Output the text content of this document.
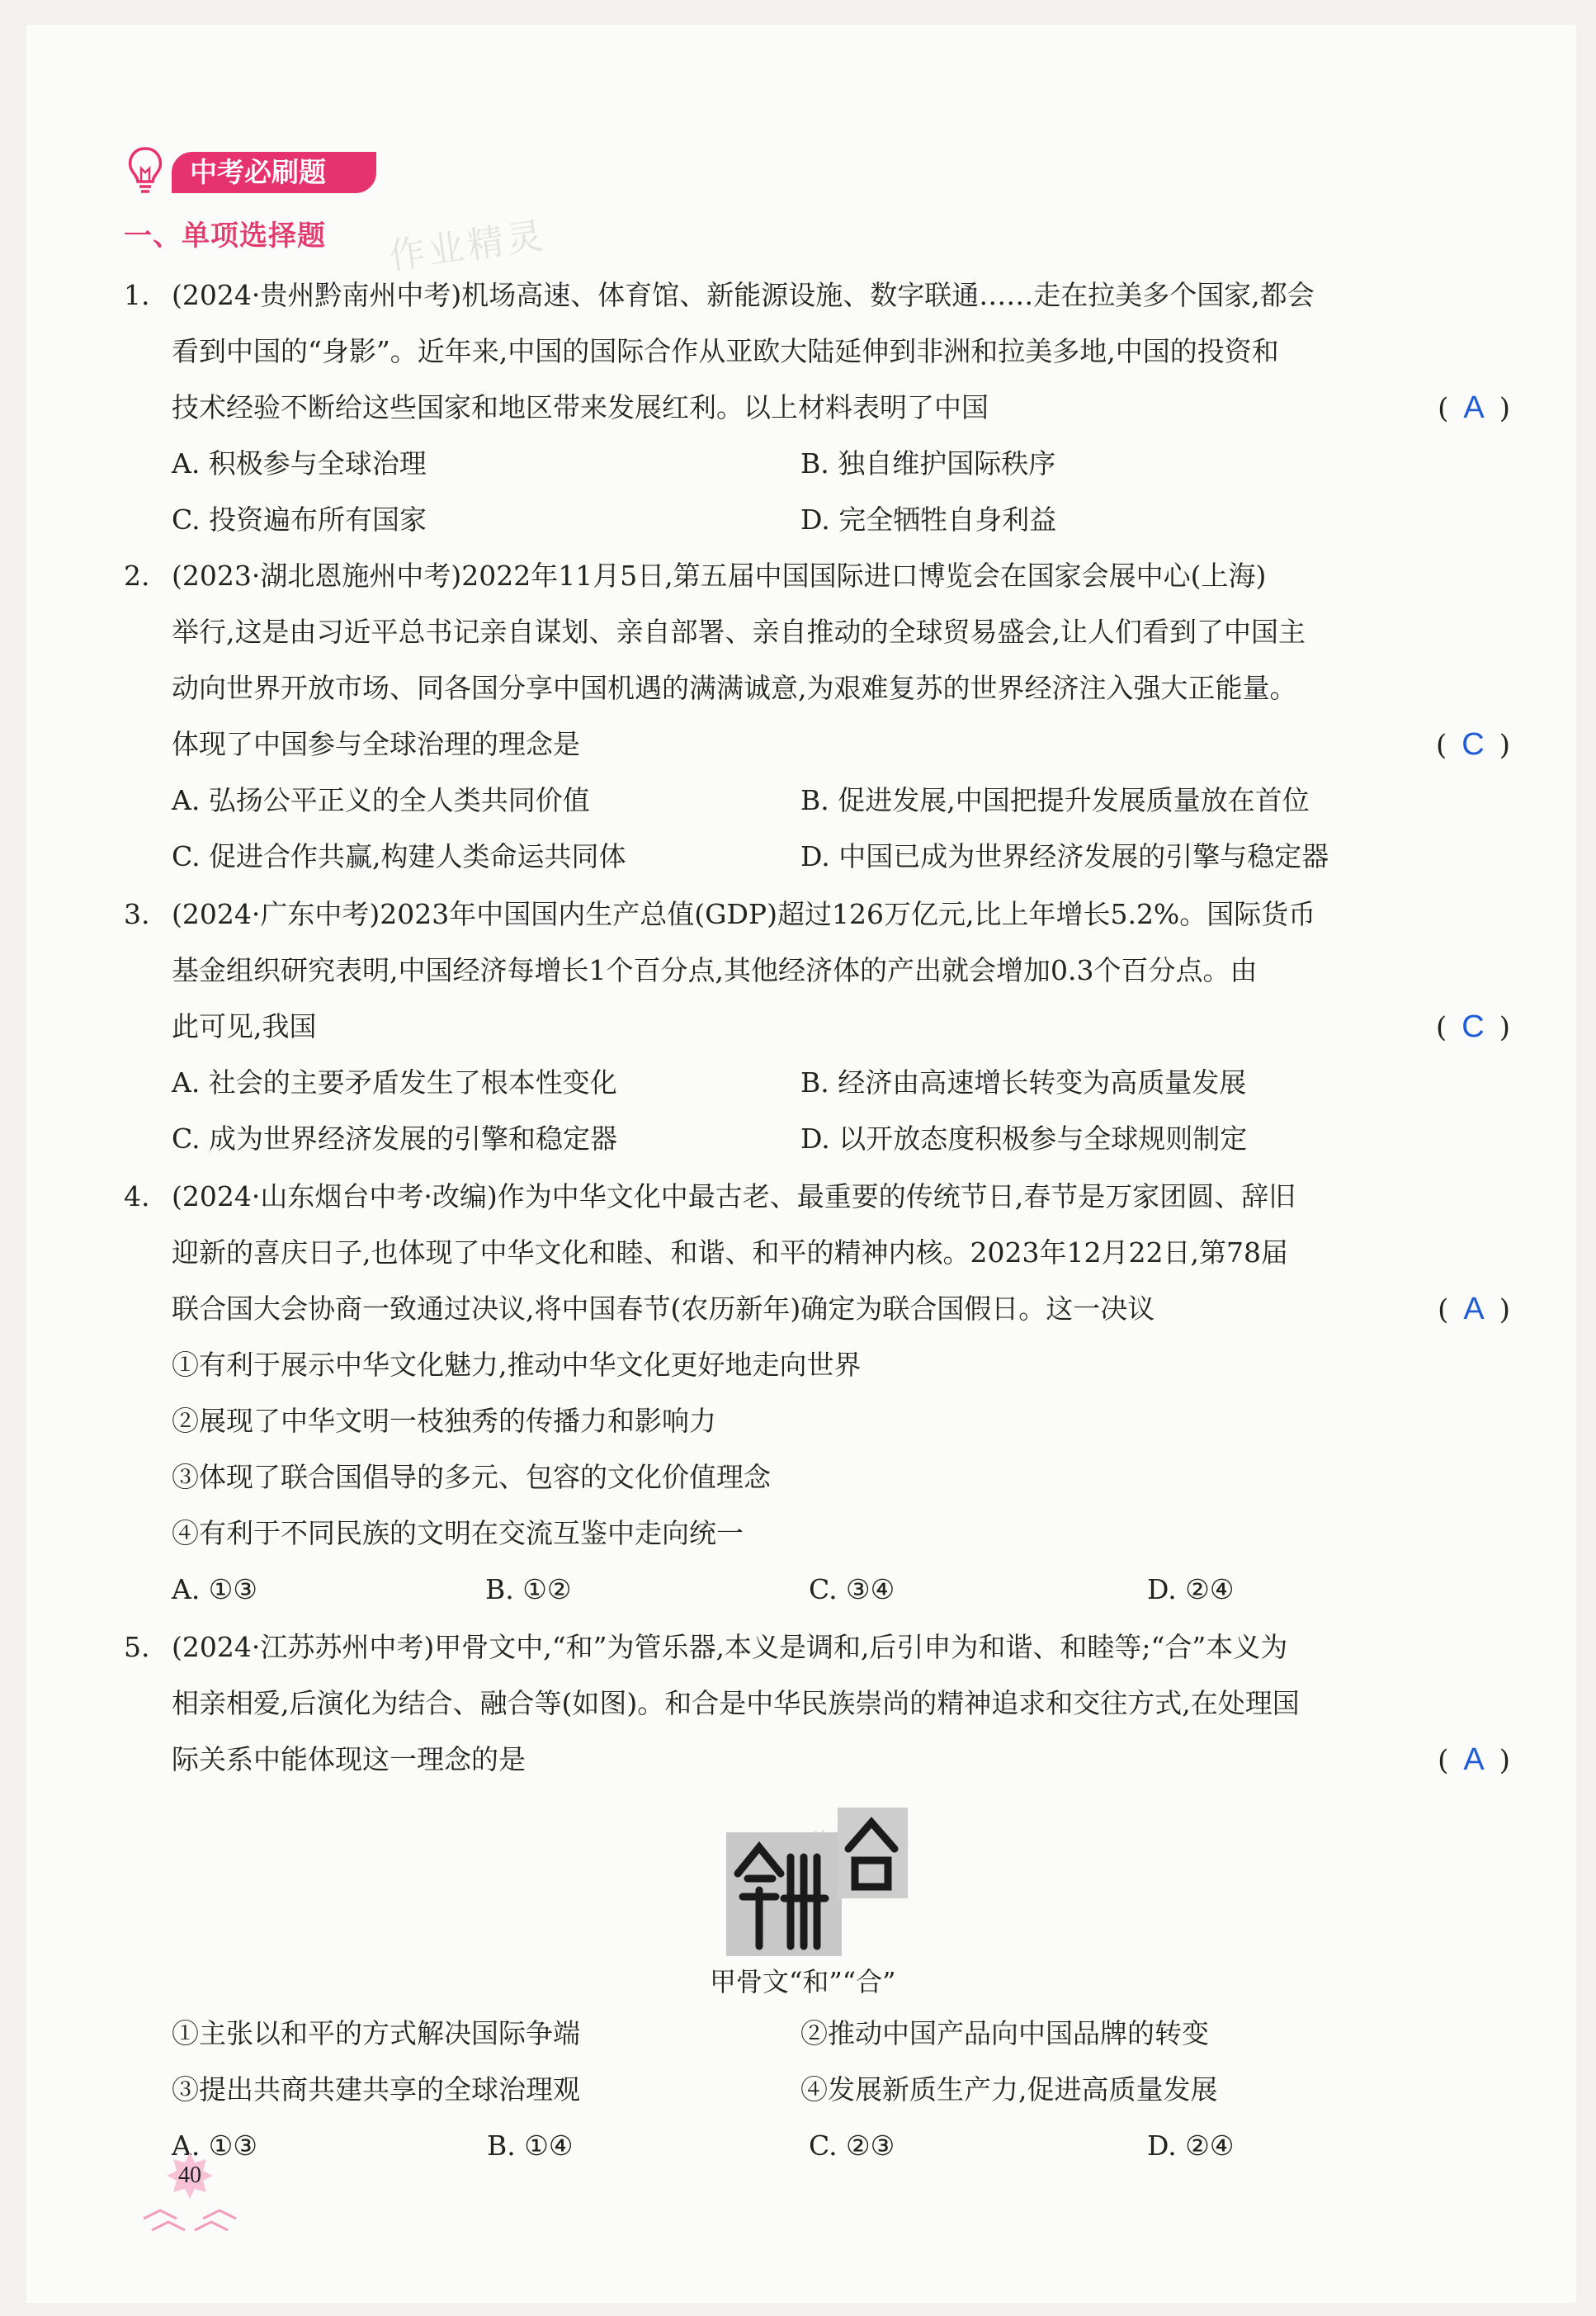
中考必刷题
一、单项选择题 作业精灵
1. (2024·贵州黔南州中考)机场高速、体育馆、新能源设施、数字联通……走在拉美多个国家,都会
看到中国的“身影”。近年来,中国的国际合作从亚欧大陆延伸到非洲和拉美多地,中国的投资和
技术经验不断给这些国家和地区带来发展红利。以上材料表明了中国	( A )
A. 积极参与全球治理	B. 独自维护国际秩序
C. 投资遍布所有国家	D. 完全牺牲自身利益
2. (2023·湖北恩施州中考)2022年11月5日,第五届中国国际进口博览会在国家会展中心(上海)
举行,这是由习近平总书记亲自谋划、亲自部署、亲自推动的全球贸易盛会,让人们看到了中国主
动向世界开放市场、同各国分享中国机遇的满满诚意,为艰难复苏的世界经济注入强大正能量。
体现了中国参与全球治理的理念是	( C )
A. 弘扬公平正义的全人类共同价值	B. 促进发展,中国把提升发展质量放在首位
C. 促进合作共赢,构建人类命运共同体	D. 中国已成为世界经济发展的引擎与稳定器
3. (2024·广东中考)2023年中国国内生产总值(GDP)超过126万亿元,比上年增长5.2%。国际货币
基金组织研究表明,中国经济每增长1个百分点,其他经济体的产出就会增加0.3个百分点。由
此可见,我国	( C )
A. 社会的主要矛盾发生了根本性变化	B. 经济由高速增长转变为高质量发展
C. 成为世界经济发展的引擎和稳定器	D. 以开放态度积极参与全球规则制定
4. (2024·山东烟台中考·改编)作为中华文化中最古老、最重要的传统节日,春节是万家团圆、辞旧
迎新的喜庆日子,也体现了中华文化和睦、和谐、和平的精神内核。2023年12月22日,第78届
联合国大会协商一致通过决议,将中国春节(农历新年)确定为联合国假日。这一决议	( A )
①有利于展示中华文化魅力,推动中华文化更好地走向世界
②展现了中华文明一枝独秀的传播力和影响力
③体现了联合国倡导的多元、包容的文化价值理念
④有利于不同民族的文明在交流互鉴中走向统一
A. ①③	B. ①②	C. ③④	D. ②④
5. (2024·江苏苏州中考)甲骨文中,“和”为管乐器,本义是调和,后引申为和谐、和睦等;“合”本义为
相亲相爱,后演化为结合、融合等(如图)。和合是中华民族崇尚的精神追求和交往方式,在处理国
际关系中能体现这一理念的是	( A )
甲骨文“和”“合”
①主张以和平的方式解决国际争端	②推动中国产品向中国品牌的转变
③提出共商共建共享的全球治理观	④发展新质生产力,促进高质量发展
A. ①③	B. ①④	C. ②③	D. ②④
40
